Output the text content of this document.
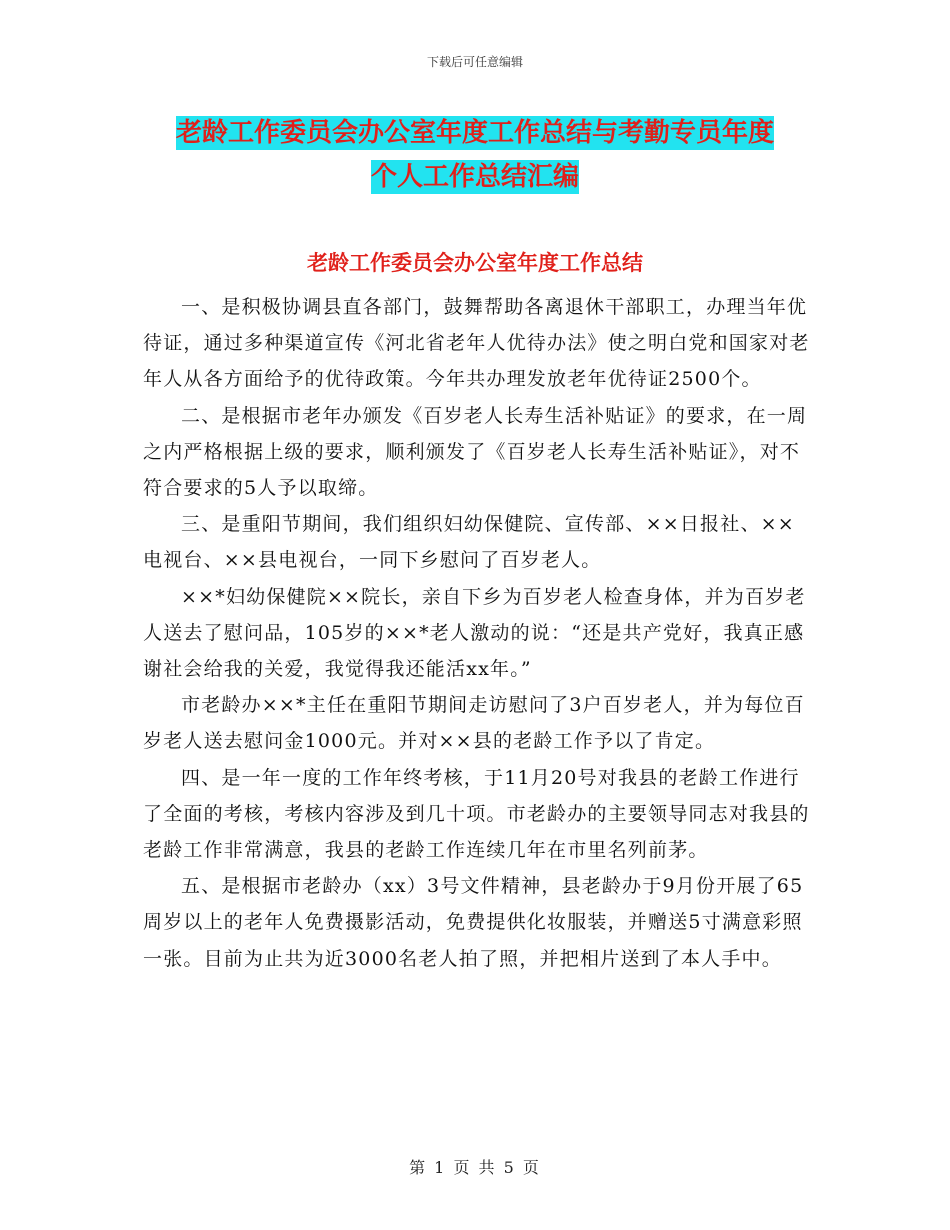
下载后可任意编辑
老龄工作委员会办公室年度工作总结与考勤专员年度
个人工作总结汇编
老龄工作委员会办公室年度工作总结

一、是积极协调县直各部门，鼓舞帮助各离退休干部职工，办理当年优待证，通过多种渠道宣传《河北省老年人优待办法》使之明白党和国家对老年人从各方面给予的优待政策。今年共办理发放老年优待证2500个。

二、是根据市老年办颁发《百岁老人长寿生活补贴证》的要求，在一周之内严格根据上级的要求，顺利颁发了《百岁老人长寿生活补贴证》，对不符合要求的5人予以取缔。

三、是重阳节期间，我们组织妇幼保健院、宣传部、××日报社、××电视台、××县电视台，一同下乡慰问了百岁老人。

××*妇幼保健院××院长，亲自下乡为百岁老人检查身体，并为百岁老人送去了慰问品，105岁的××*老人激动的说：“还是共产党好，我真正感谢社会给我的关爱，我觉得我还能活xx年。”

市老龄办××*主任在重阳节期间走访慰问了3户百岁老人，并为每位百岁老人送去慰问金1000元。并对××县的老龄工作予以了肯定。

四、是一年一度的工作年终考核，于11月20号对我县的老龄工作进行了全面的考核，考核内容涉及到几十项。市老龄办的主要领导同志对我县的老龄工作非常满意，我县的老龄工作连续几年在市里名列前茅。

五、是根据市老龄办（xx）3号文件精神，县老龄办于9月份开展了65周岁以上的老年人免费摄影活动，免费提供化妆服装，并赠送5寸满意彩照一张。目前为止共为近3000名老人拍了照，并把相片送到了本人手中。

第 1 页 共 5 页
